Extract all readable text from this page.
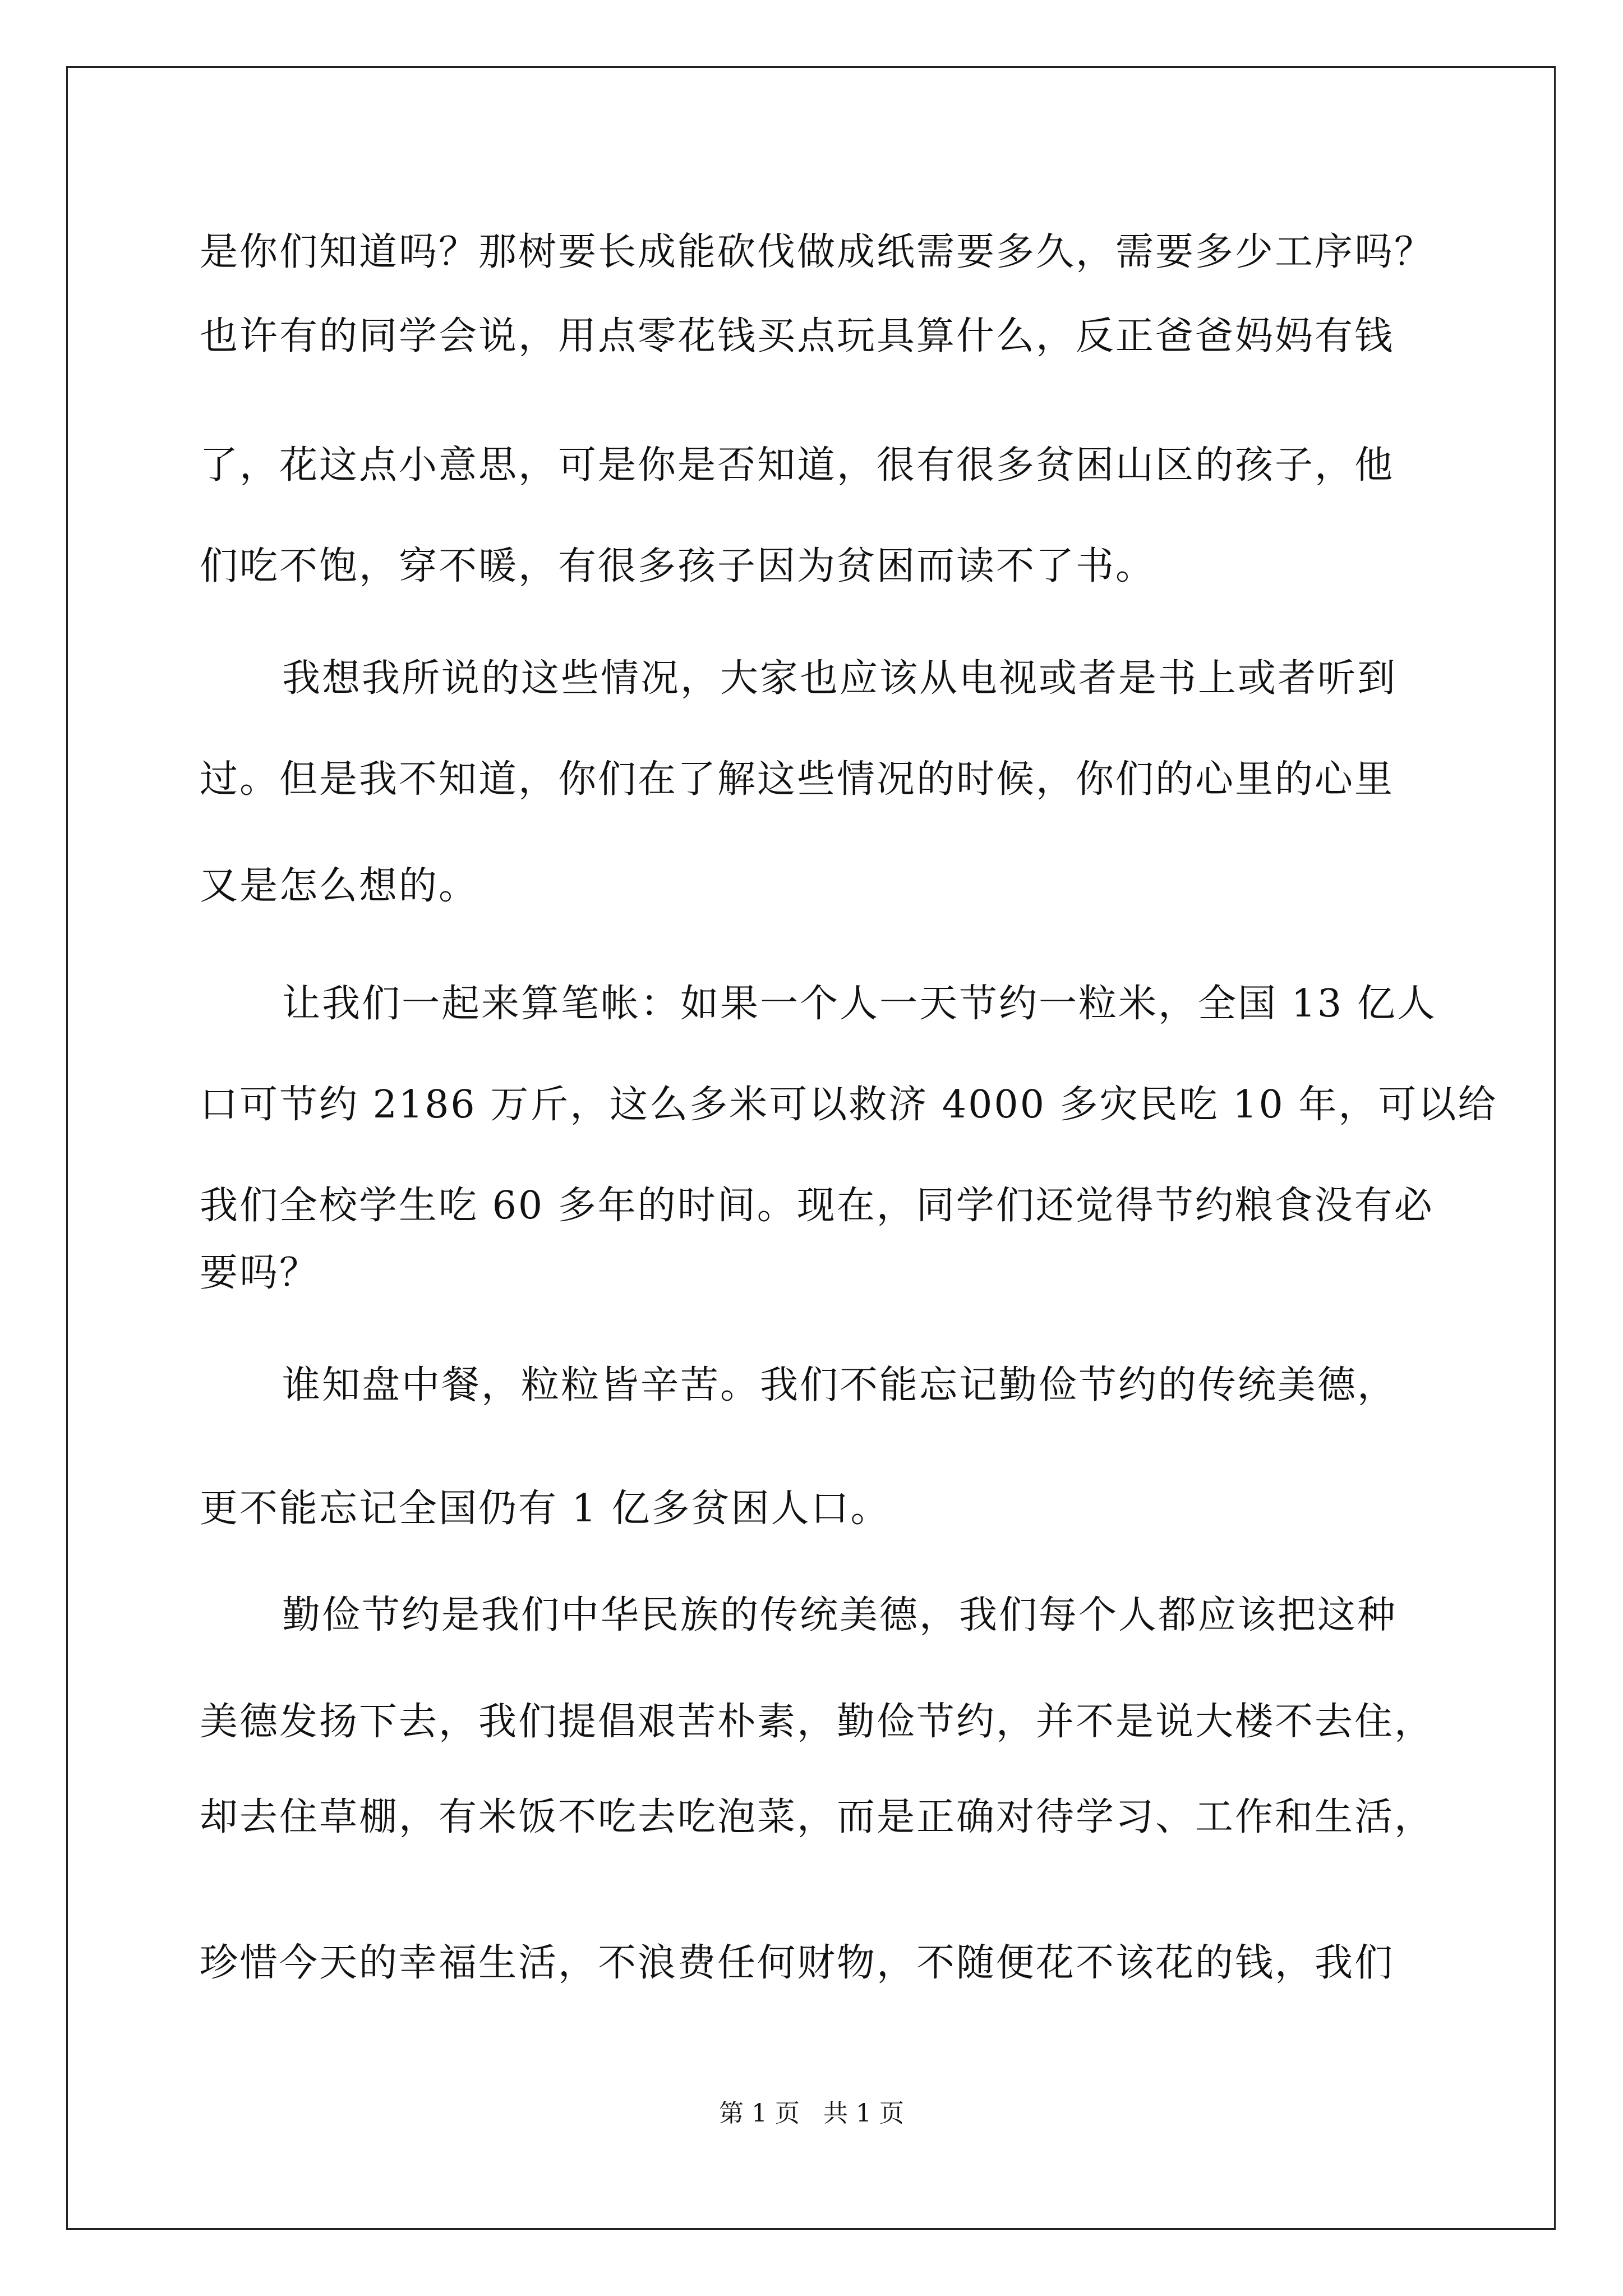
是你们知道吗？那树要长成能砍伐做成纸需要多久，需要多少工序吗？
也许有的同学会说，用点零花钱买点玩具算什么，反正爸爸妈妈有钱
了，花这点小意思，可是你是否知道，很有很多贫困山区的孩子，他
们吃不饱，穿不暖，有很多孩子因为贫困而读不了书。
我想我所说的这些情况，大家也应该从电视或者是书上或者听到
过。但是我不知道，你们在了解这些情况的时候，你们的心里的心里
又是怎么想的。
让我们一起来算笔帐：如果一个人一天节约一粒米，全国 13 亿人
口可节约 2186 万斤，这么多米可以救济 4000 多灾民吃 10 年，可以给
我们全校学生吃 60 多年的时间。现在，同学们还觉得节约粮食没有必
要吗？
谁知盘中餐，粒粒皆辛苦。我们不能忘记勤俭节约的传统美德，
更不能忘记全国仍有 1 亿多贫困人口。
勤俭节约是我们中华民族的传统美德，我们每个人都应该把这种
美德发扬下去，我们提倡艰苦朴素，勤俭节约，并不是说大楼不去住，
却去住草棚，有米饭不吃去吃泡菜，而是正确对待学习、工作和生活，
珍惜今天的幸福生活，不浪费任何财物，不随便花不该花的钱，我们
第 1 页   共 1 页
